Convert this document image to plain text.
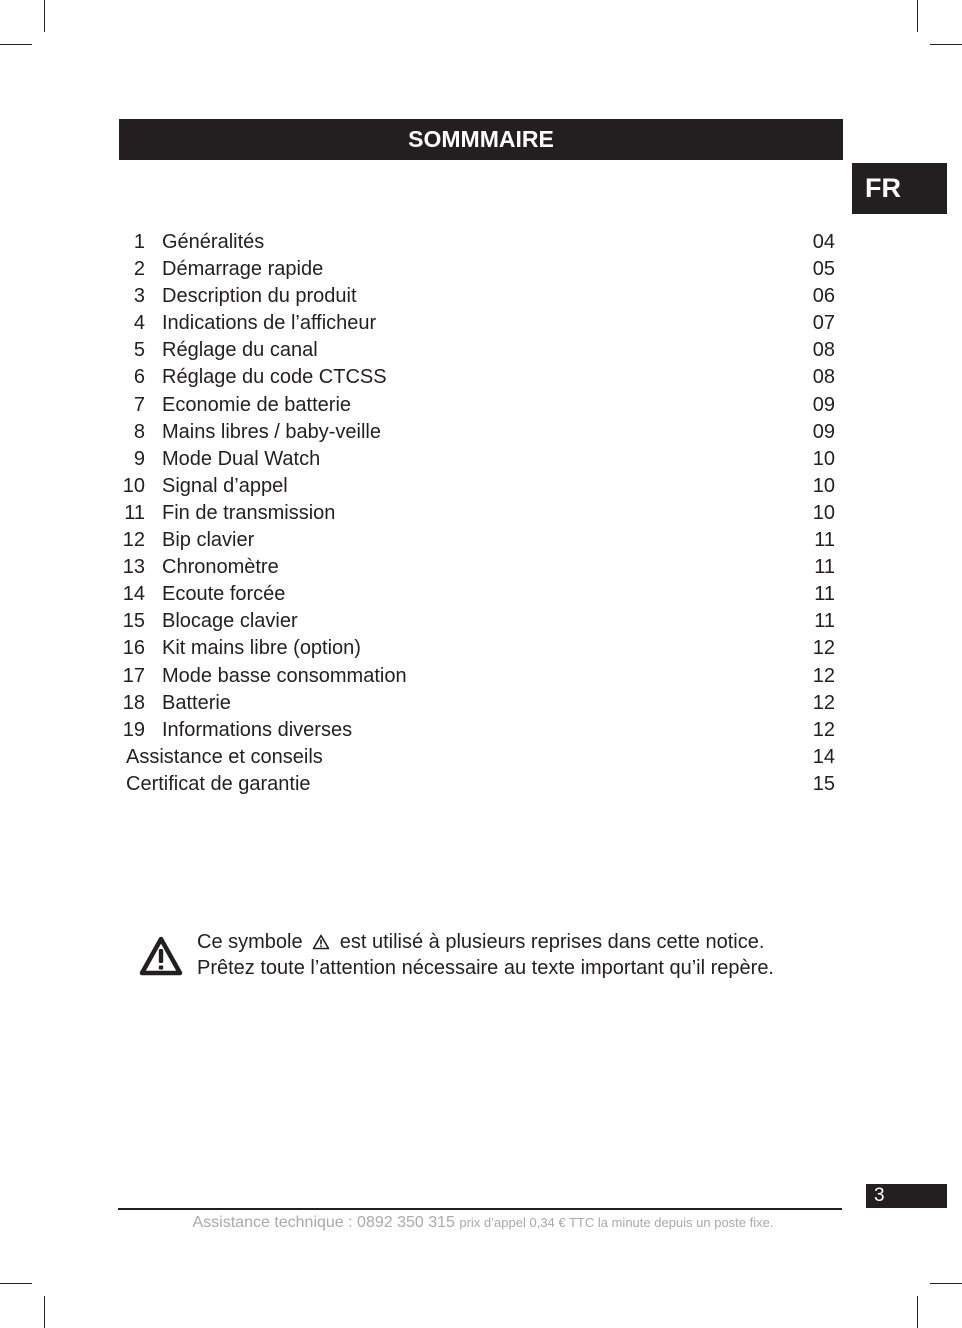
SOMMMAIRE
FR
1 Généralités	04
2 Démarrage rapide	05
3 Description du produit	06
4 Indications de l’afficheur	07
5 Réglage du canal	08
6 Réglage du code CTCSS	08
7 Economie de batterie	09
8 Mains libres / baby-veille	09
9 Mode Dual Watch	10
10 Signal d’appel	10
11 Fin de transmission	10
12 Bip clavier	11
13 Chronomètre	11
14 Ecoute forcée	11
15 Blocage clavier	11
16 Kit mains libre (option)	12
17 Mode basse consommation	12
18 Batterie	12
19 Informations diverses	12
Assistance et conseils	14
Certificat de garantie	15
Ce symbole est utilisé à plusieurs reprises dans cette notice.
Prêtez toute l’attention nécessaire au texte important qu’il repère.
3
Assistance technique : 0892 350 315 prix d’appel 0,34 € TTC la minute depuis un poste fixe.
